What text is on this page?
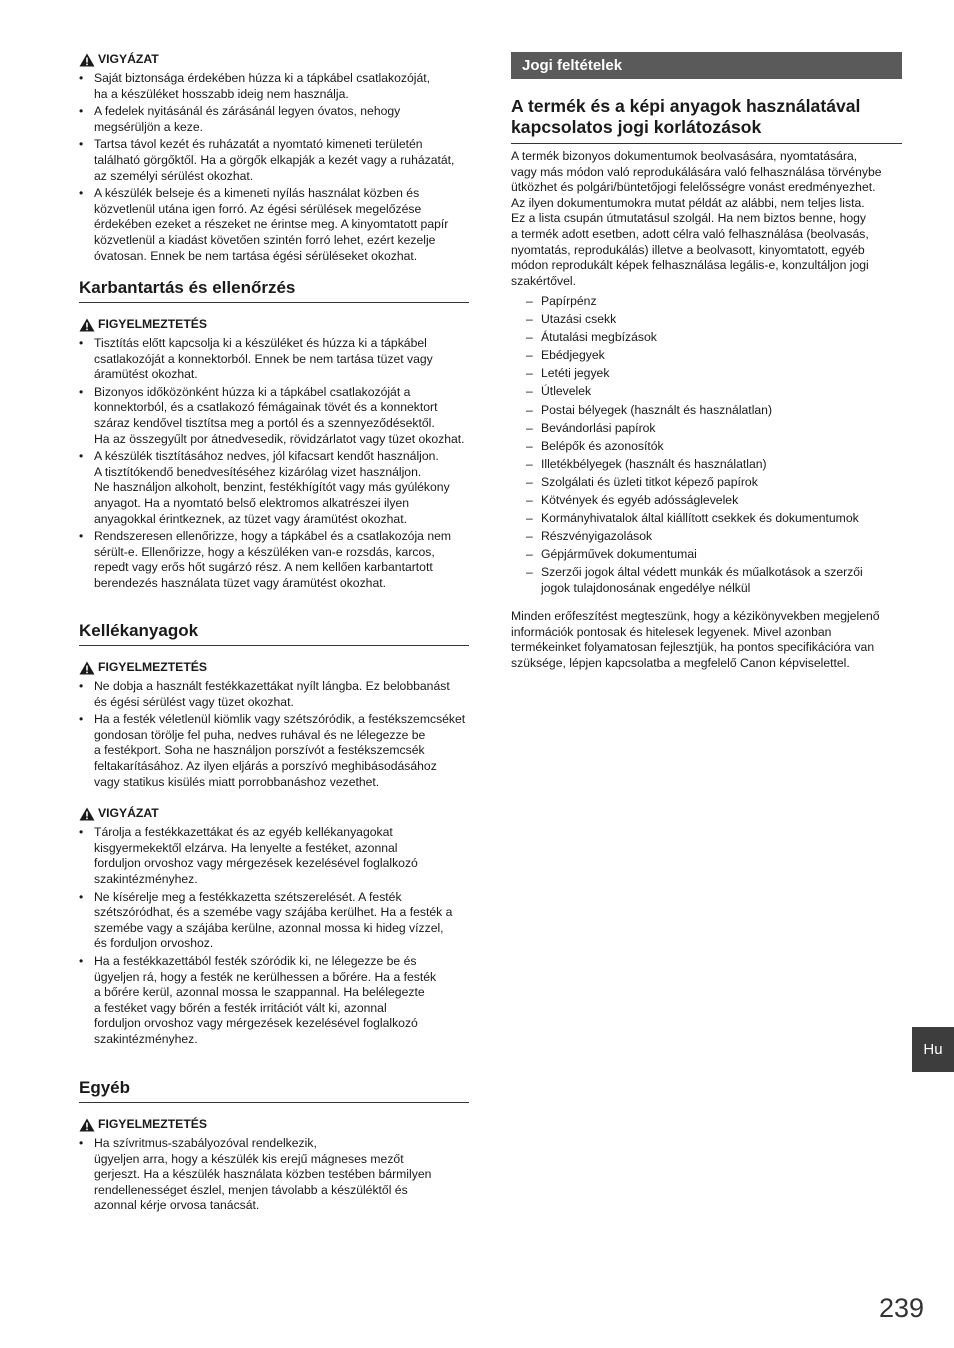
VIGYÁZAT
• Saját biztonsága érdekében húzza ki a tápkábel csatlakozóját,
ha a készüléket hosszabb ideig nem használja.
• A fedelek nyitásánál és zárásánál legyen óvatos, nehogy
megsérüljön a keze.
• Tartsa távol kezét és ruházatát a nyomtató kimeneti területén
található görgőktől. Ha a görgők elkapják a kezét vagy a ruházatát,
az személyi sérülést okozhat.
• A készülék belseje és a kimeneti nyílás használat közben és
közvetlenül utána igen forró. Az égési sérülések megelőzése
érdekében ezeket a részeket ne érintse meg. A kinyomtatott papír
közvetlenül a kiadást követően szintén forró lehet, ezért kezelje
óvatosan. Ennek be nem tartása égési sérüléseket okozhat.
Karbantartás és ellenőrzés
FIGYELMEZTETÉS
• Tisztítás előtt kapcsolja ki a készüléket és húzza ki a tápkábel
csatlakozóját a konnektorból. Ennek be nem tartása tüzet vagy
áramütést okozhat.
• Bizonyos időközönként húzza ki a tápkábel csatlakozóját a
konnektorból, és a csatlakozó fémágainak tövét és a konnektort
száraz kendővel tisztítsa meg a portól és a szennyeződésektől.
Ha az összegyűlt por átnedvesedik, rövidzárlatot vagy tüzet okozhat.
• A készülék tisztításához nedves, jól kifacsart kendőt használjon.
A tisztítókendő benedvesítéséhez kizárólag vizet használjon.
Ne használjon alkoholt, benzint, festékhígítót vagy más gyúlékony
anyagot. Ha a nyomtató belső elektromos alkatrészei ilyen
anyagokkal érintkeznek, az tüzet vagy áramütést okozhat.
• Rendszeresen ellenőrizze, hogy a tápkábel és a csatlakozója nem
sérült-e. Ellenőrizze, hogy a készüléken van-e rozsdás, karcos,
repedt vagy erős hőt sugárzó rész. A nem kellően karbantartott
berendezés használata tüzet vagy áramütést okozhat.
Kellékanyagok
FIGYELMEZTETÉS
• Ne dobja a használt festékkazettákat nyílt lángba. Ez belobbanást
és égési sérülést vagy tüzet okozhat.
• Ha a festék véletlenül kiömlik vagy szétszóródik, a festékszemcséket
gondosan törölje fel puha, nedves ruhával és ne lélegezze be
a festékport. Soha ne használjon porszívót a festékszemcsék
feltakarításához. Az ilyen eljárás a porszívó meghibásodásához
vagy statikus kisülés miatt porrobbanáshoz vezethet.
VIGYÁZAT
• Tárolja a festékkazettákat és az egyéb kellékanyagokat
kisgyermekektől elzárva. Ha lenyelte a festéket, azonnal
forduljon orvoshoz vagy mérgezések kezelésével foglalkozó
szakintézményhez.
• Ne kísérelje meg a festékkazetta szétszerelését. A festék
szétszóródhat, és a szemébe vagy szájába kerülhet. Ha a festék a
szemébe vagy a szájába kerülne, azonnal mossa ki hideg vízzel,
és forduljon orvoshoz.
• Ha a festékkazettából festék szóródik ki, ne lélegezze be és
ügyeljen rá, hogy a festék ne kerülhessen a bőrére. Ha a festék
a bőrére kerül, azonnal mossa le szappannal. Ha belélegezte
a festéket vagy bőrén a festék irritációt vált ki, azonnal
forduljon orvoshoz vagy mérgezések kezelésével foglalkozó
szakintézményhez.
Egyéb
FIGYELMEZTETÉS
• Ha szívritmus-szabályozóval rendelkezik,
ügyeljen arra, hogy a készülék kis erejű mágneses mezőt
gerjeszt. Ha a készülék használata közben testében bármilyen
rendellenességet észlel, menjen távolabb a készüléktől és
azonnal kérje orvosa tanácsát.
Jogi feltételek
A termék és a képi anyagok használatával
kapcsolatos jogi korlátozások
A termék bizonyos dokumentumok beolvasására, nyomtatására,
vagy más módon való reprodukálására való felhasználása törvénybe
ütközhet és polgári/büntetőjogi felelősségre vonást eredményezhet.
Az ilyen dokumentumokra mutat példát az alábbi, nem teljes lista.
Ez a lista csupán útmutatásul szolgál. Ha nem biztos benne, hogy
a termék adott esetben, adott célra való felhasználása (beolvasás,
nyomtatás, reprodukálás) illetve a beolvasott, kinyomtatott, egyéb
módon reprodukált képek felhasználása legális-e, konzultáljon jogi
szakértővel.
– Papírpénz
– Utazási csekk
– Átutalási megbízások
– Ebédjegyek
– Letéti jegyek
– Útlevelek
– Postai bélyegek (használt és használatlan)
– Bevándorlási papírok
– Belépők és azonosítók
– Illetékbélyegek (használt és használatlan)
– Szolgálati és üzleti titkot képező papírok
– Kötvények és egyéb adósságlevelek
– Kormányhivatalok által kiállított csekkek és dokumentumok
– Részvényigazolások
– Gépjárművek dokumentumai
– Szerzői jogok által védett munkák és műalkotások a szerzői
jogok tulajdonosának engedélye nélkül
Minden erőfeszítést megteszünk, hogy a kézikönyvekben megjelenő
információk pontosak és hitelesek legyenek. Mivel azonban
termékeinket folyamatosan fejlesztjük, ha pontos specifikációra van
szüksége, lépjen kapcsolatba a megfelelő Canon képviselettel.
Hu
239
